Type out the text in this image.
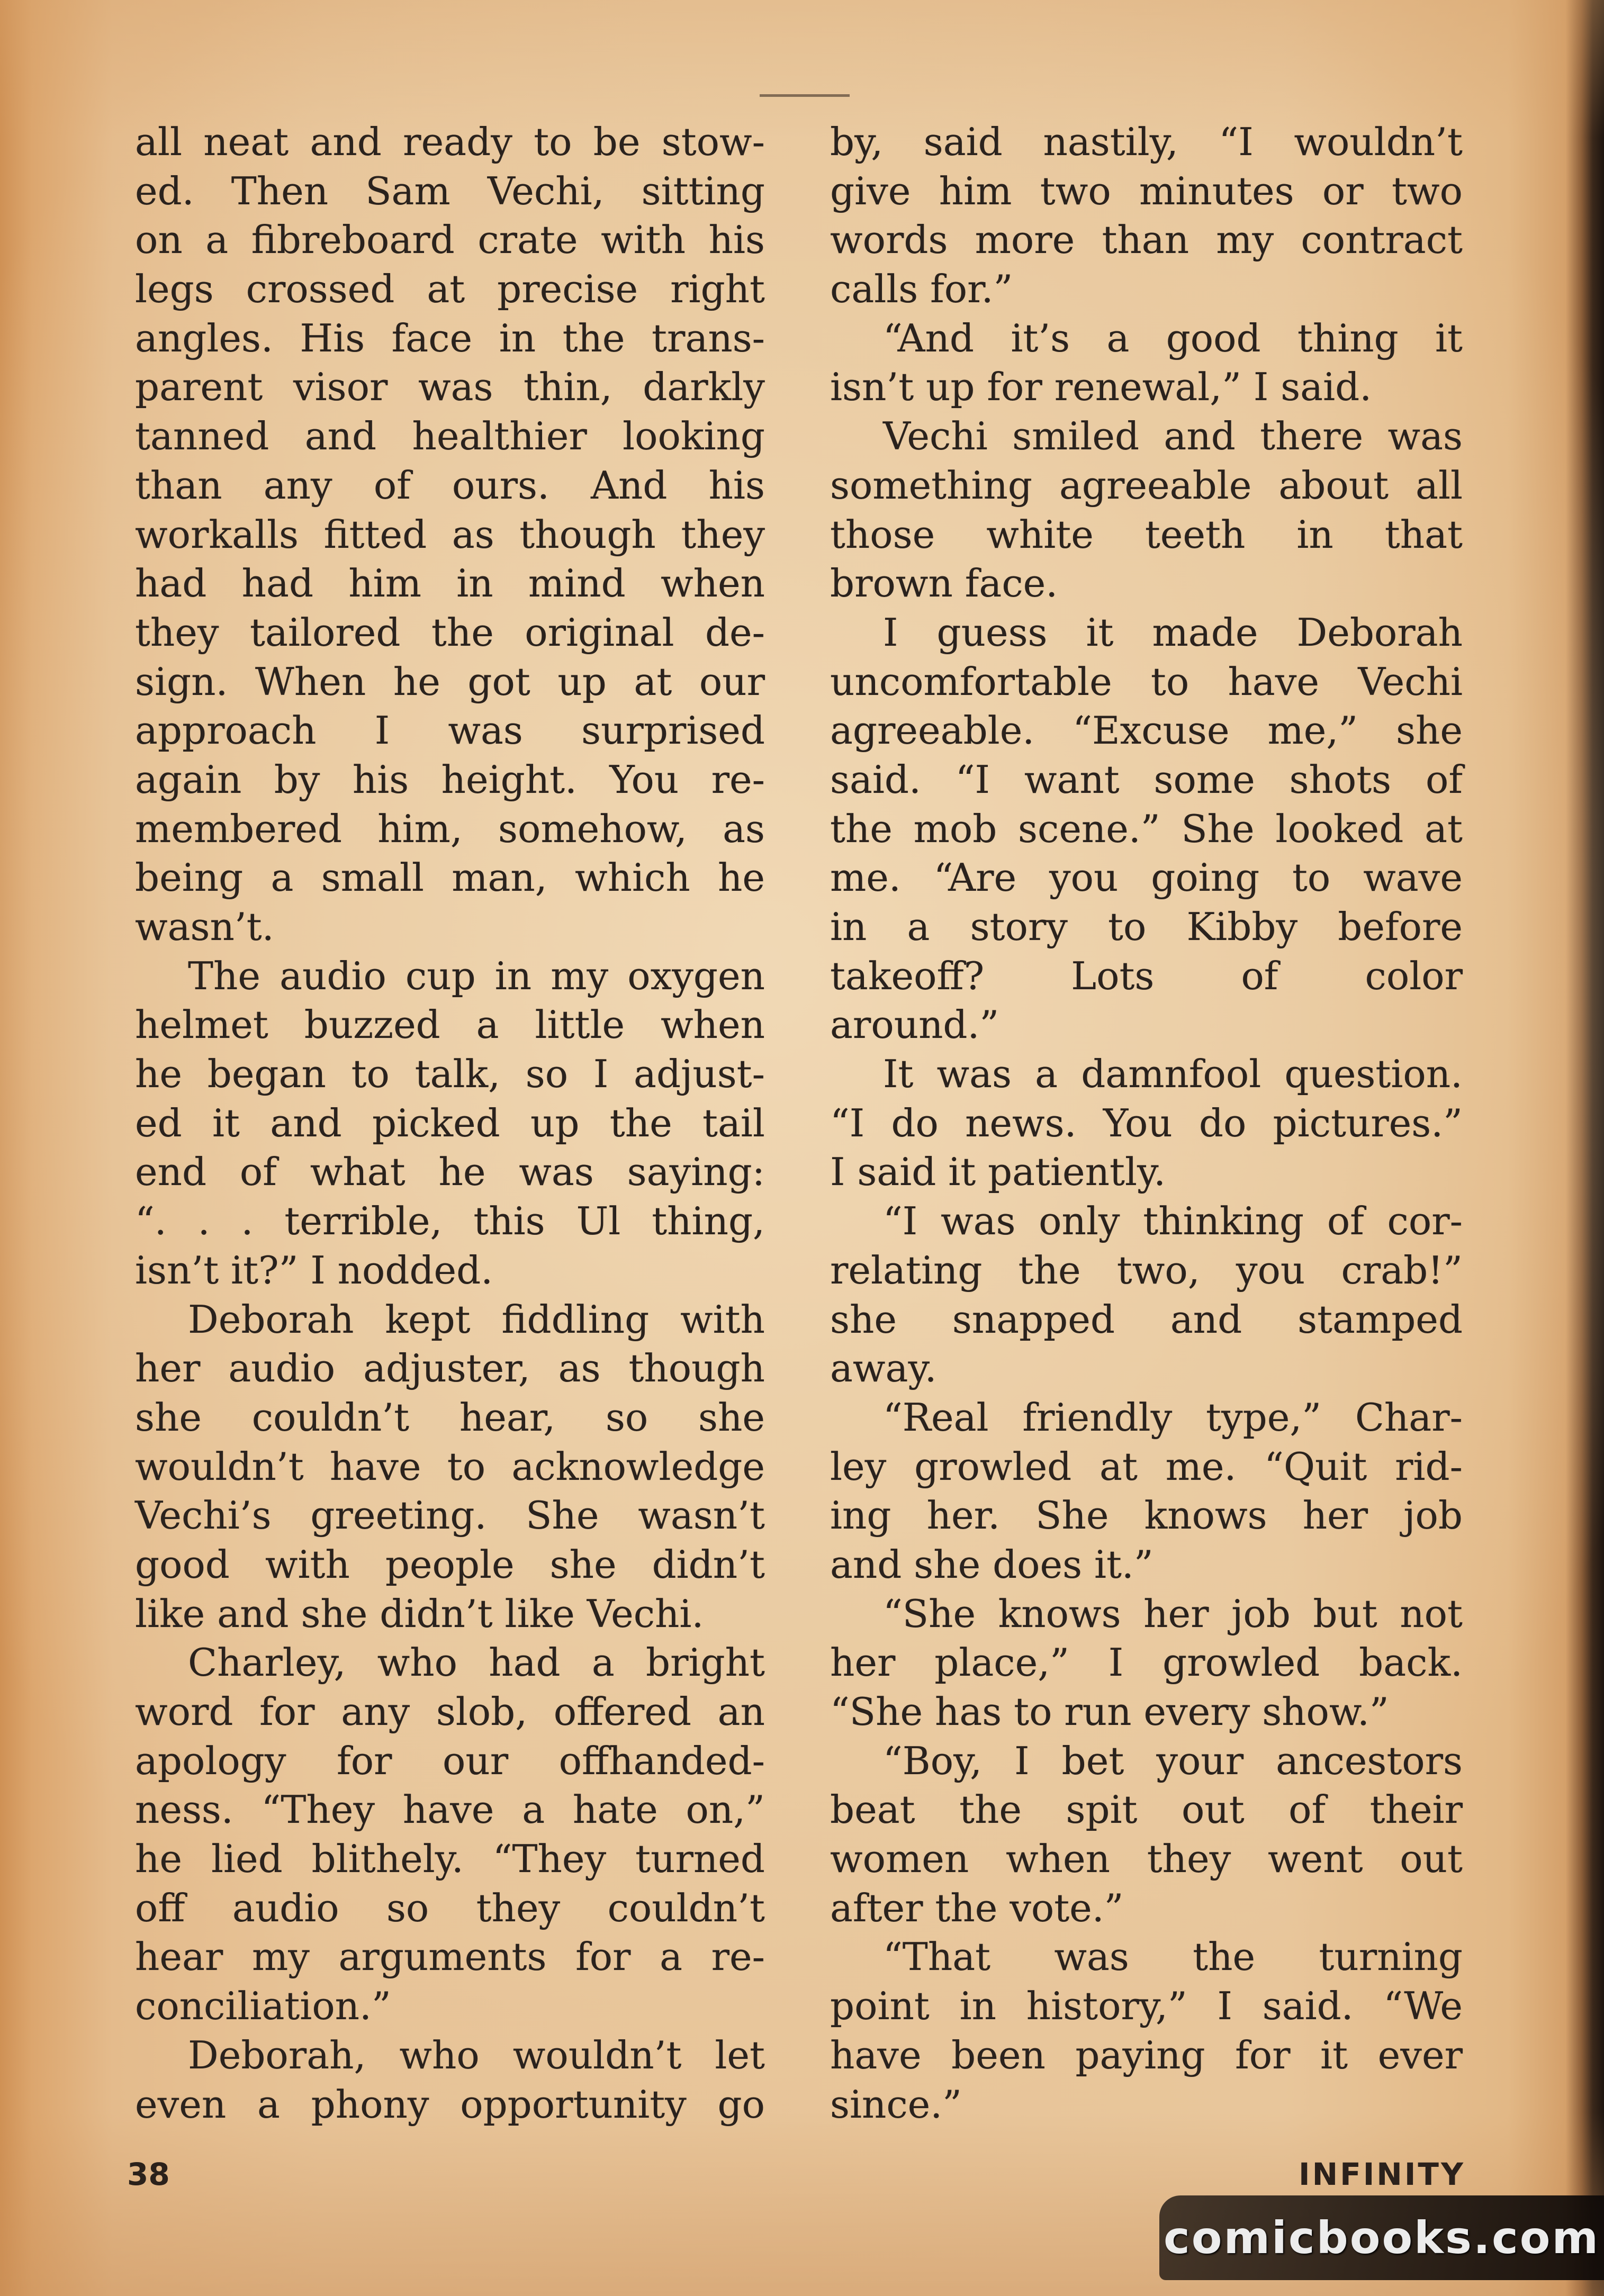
all neat and ready to be stow-
ed. Then Sam Vechi, sitting
on a fibreboard crate with his
legs crossed at precise right
angles. His face in the trans-
parent visor was thin, darkly
tanned and healthier looking
than any of ours. And his
workalls fitted as though they
had had him in mind when
they tailored the original de-
sign. When he got up at our
approach I was surprised
again by his height. You re-
membered him, somehow, as
being a small man, which he
wasn’t.
The audio cup in my oxygen
helmet buzzed a little when
he began to talk, so I adjust-
ed it and picked up the tail
end of what he was saying:
“. . . terrible, this Ul thing,
isn’t it?” I nodded.
Deborah kept fiddling with
her audio adjuster, as though
she couldn’t hear, so she
wouldn’t have to acknowledge
Vechi’s greeting. She wasn’t
good with people she didn’t
like and she didn’t like Vechi.
Charley, who had a bright
word for any slob, offered an
apology for our offhanded-
ness. “They have a hate on,”
he lied blithely. “They turned
off audio so they couldn’t
hear my arguments for a re-
conciliation.”
Deborah, who wouldn’t let
even a phony opportunity go
by, said nastily, “I wouldn’t
give him two minutes or two
words more than my contract
calls for.”
“And it’s a good thing it
isn’t up for renewal,” I said.
Vechi smiled and there was
something agreeable about all
those white teeth in that
brown face.
I guess it made Deborah
uncomfortable to have Vechi
agreeable. “Excuse me,” she
said. “I want some shots of
the mob scene.” She looked at
me. “Are you going to wave
in a story to Kibby before
takeoff? Lots of color
around.”
It was a damnfool question.
“I do news. You do pictures.”
I said it patiently.
“I was only thinking of cor-
relating the two, you crab!”
she snapped and stamped
away.
“Real friendly type,” Char-
ley growled at me. “Quit rid-
ing her. She knows her job
and she does it.”
“She knows her job but not
her place,” I growled back.
“She has to run every show.”
“Boy, I bet your ancestors
beat the spit out of their
women when they went out
after the vote.”
“That was the turning
point in history,” I said. “We
have been paying for it ever
since.”
38	INFINITY
comicbooks.com
